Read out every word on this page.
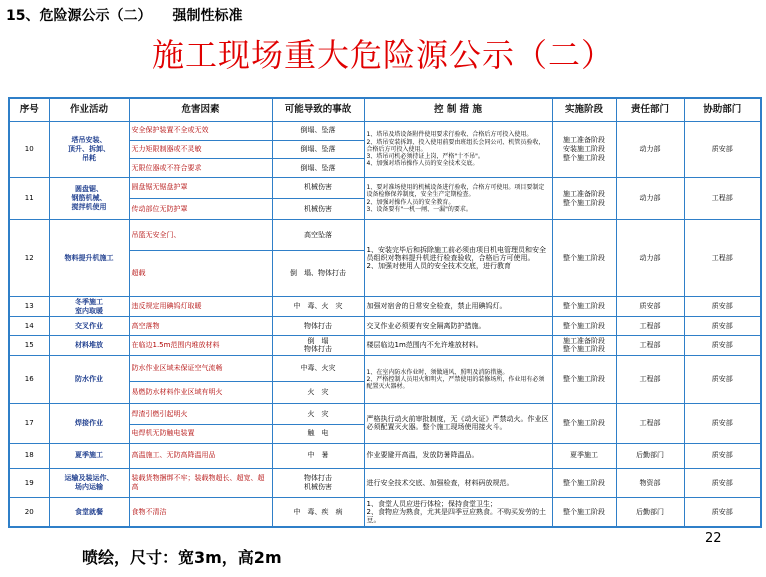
15、危险源公示（二）　　强制性标准
施工现场重大危险源公示（二）
序号	作业活动	危害因素	可能导致的事故	控 制 措 施	实施阶段	责任部门	协助部门
10	塔吊安装、
顶升、拆卸、
吊耗	安全保护装置不全或无效	倒塌、坠落	1、塔吊及塔设备附件使用要求行验收、合格后方可投入使用。
2、塔吊安装拆卸、投入使用前要由班组长会同公司、机管员验收，合格后方可投入使用。
3、塔吊司机必须持证上岗，严格"十不吊"。
4、加强对塔吊操作人员的安全技术交底。	施工准备阶段
安装施工阶段
整个施工阶段	动力部	质安部
		无力矩限制器或不灵敏	倒塌、坠落				
		无限位器或不符合要求	倒塌、坠落				
11	圆盘锯、
钢筋机械、
搅拌机使用	圆盘锯无锯盘护罩	机械伤害	1、要对准场使用的机械设备进行验收，合格方可使用。项目要制定设备检修保养制度，安全生产定期检查。
2、加强对操作人员的安全教育。
3、设备要有"一机一闸、一漏"的要求。	施工准备阶段
整个施工阶段	动力部	工程部
		传动部位无防护罩	机械伤害				
12	物料提升机施工	吊篮无安全门、	高空坠落	1、安装完毕后和拆除施工前必须由项目机电管理员和安全员组织对物料提升机进行检查验收，合格后方可使用。
2、加强对使用人员的安全技术交底，进行教育	整个施工阶段	动力部	工程部
		超载	倒　塌、物体打击				
13	冬季施工
室内取暖	违反规定用碘钨灯取暖	中　毒、火　灾	加强对宿舍的日常安全检查，禁止用碘钨灯。	整个施工阶段	质安部	质安部
14	交叉作业	高空落物	物体打击	交叉作业必须要有安全隔离防护措施。	整个施工阶段	工程部	质安部
15	材料堆放	在临边1.5m范围内堆放材料	倒　塌
物体打击	楼层临边1m范围内不允许堆放材料。	施工准备阶段
整个施工阶段	工程部	质安部
16	防水作业	防水作业区域未保证空气流畅	中毒、火灾	1、在室内防水作业时，须做通风、照明及消防措施。
2、严格控制人员用火和明火，严禁使用的装修场所，作业用有必须配置灭火器材。	整个施工阶段	工程部	质安部
		易燃防水材料作业区域有明火	火　灾				
17	焊接作业	焊渣引燃引起明火	火　灾	严格执行动火前审批制度，无《动火证》严禁动火。作业区必须配置灭火器。整个施工现场使用接火斗。	整个施工阶段	工程部	质安部
		电焊机无防触电装置	触　电				
18	夏季施工	高温施工、无防高降温用品	中　暑	作业要避开高温，发放防暑降温品。	夏季施工	后勤部门	质安部
19	运输及装运作、
场内运输	装载货物捆绑不牢；装载物超长、超宽、超高	物体打击
机械伤害	进行安全技术交底、加强检查，材料码放规范。	整个施工阶段	物资部	质安部
20	食堂就餐	食物不清洁	中　毒、疾　病	1、食堂人员应进行体检；保持食堂卫生；
2、食物应为熟食，尤其是四季豆应熟食。不购买发劳的土豆。	整个施工阶段	后勤部门	质安部
喷绘，尺寸：宽3m，高2m
22
